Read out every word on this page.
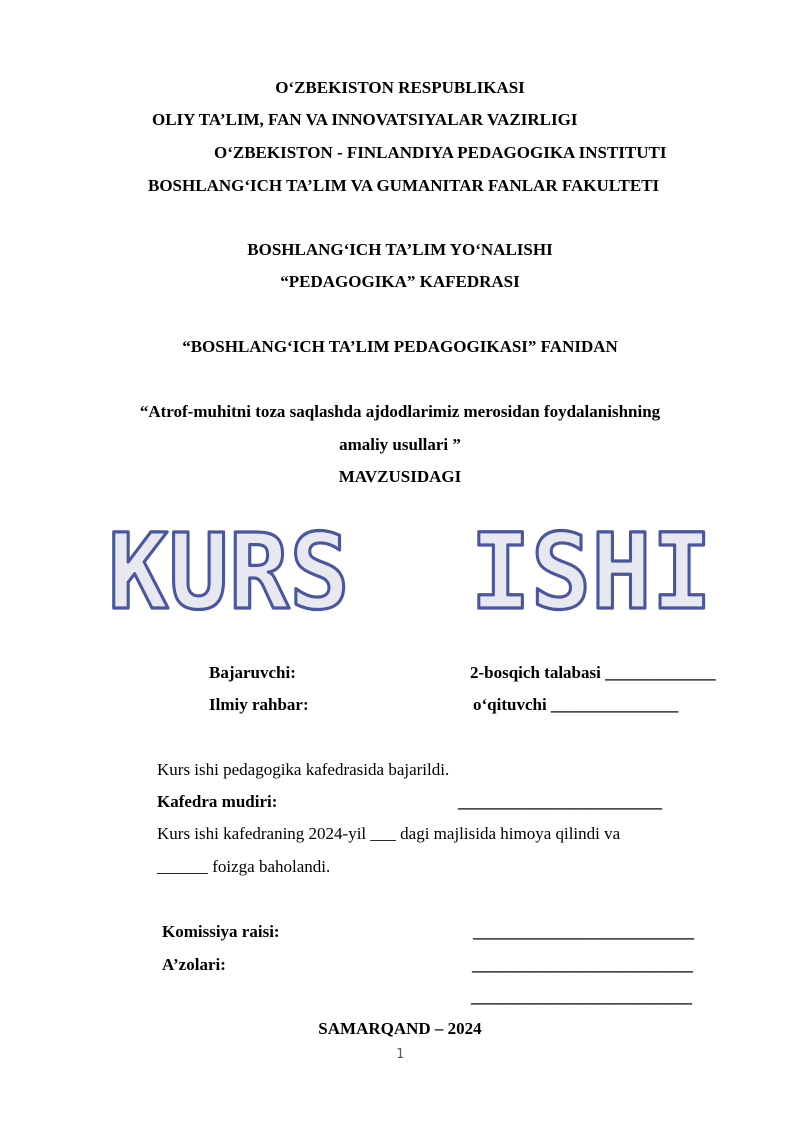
O‘ZBEKISTON RESPUBLIKASI
OLIY TA’LIM, FAN VA INNOVATSIYALAR VAZIRLIGI
O‘ZBEKISTON - FINLANDIYA PEDAGOGIKA INSTITUTI
BOSHLANG‘ICH TA’LIM VA GUMANITAR FANLAR FAKULTETI
BOSHLANG‘ICH TA’LIM YO‘NALISHI
“PEDAGOGIKA” KAFEDRASI
“BOSHLANG‘ICH TA’LIM PEDAGOGIKASI” FANIDAN
“Atrof-muhitni toza saqlashda ajdodlarimiz merosidan foydalanishning
amaliy usullari ”
MAVZUSIDAGI
KURS  ISHI
Bajaruvchi:	2-bosqich talabasi _____________
Ilmiy rahbar:	o‘qituvchi _______________
Kurs ishi pedagogika kafedrasida bajarildi.
Kafedra mudiri:	________________________
Kurs ishi kafedraning 2024-yil ___ dagi majlisida himoya qilindi va
______ foizga baholandi.
Komissiya raisi:	__________________________
A’zolari:	__________________________
__________________________
SAMARQAND – 2024
1
